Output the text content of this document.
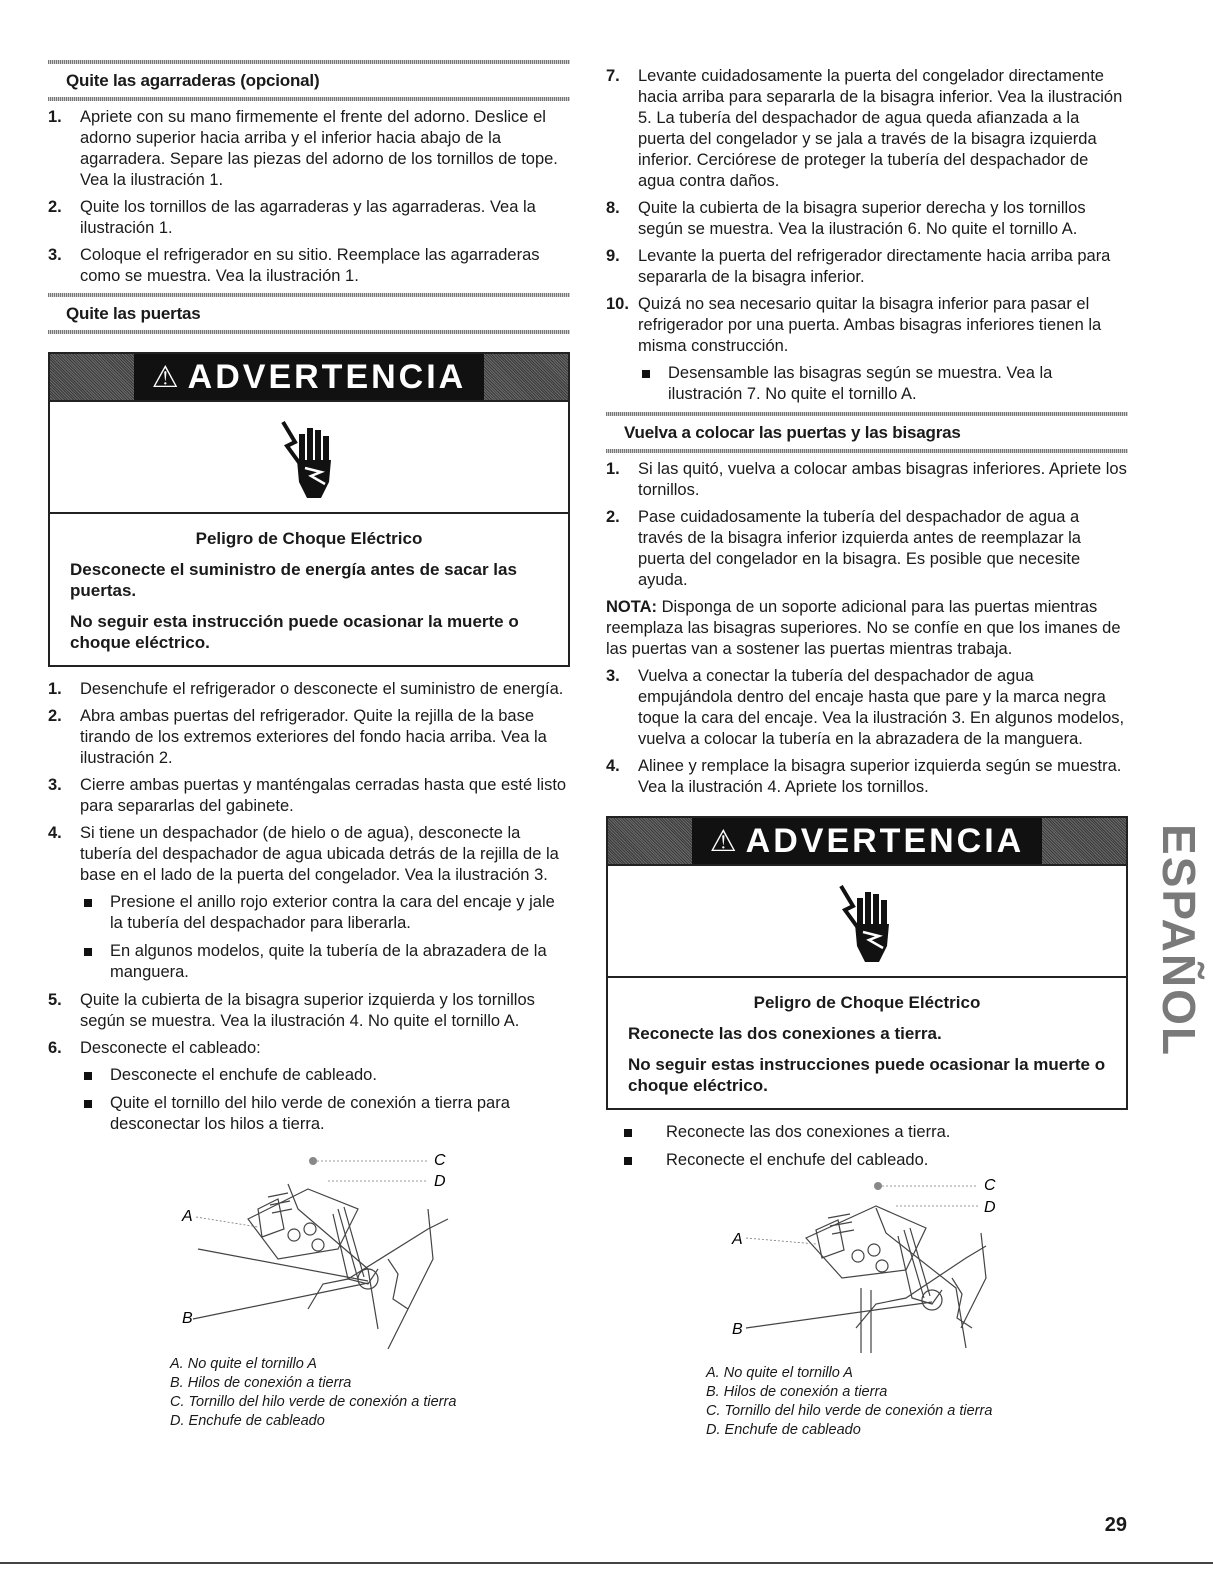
Quite las agarraderas (opcional)
1. Apriete con su mano firmemente el frente del adorno. Deslice el adorno superior hacia arriba y el inferior hacia abajo de la agarradera. Separe las piezas del adorno de los tornillos de tope. Vea la ilustración 1.
2. Quite los tornillos de las agarraderas y las agarraderas. Vea la ilustración 1.
3. Coloque el refrigerador en su sitio. Reemplace las agarraderas como se muestra. Vea la ilustración 1.
Quite las puertas
⚠ ADVERTENCIA
Peligro de Choque Eléctrico

Desconecte el suministro de energía antes de sacar las puertas.

No seguir esta instrucción puede ocasionar la muerte o choque eléctrico.

1. Desenchufe el refrigerador o desconecte el suministro de energía.
2. Abra ambas puertas del refrigerador. Quite la rejilla de la base tirando de los extremos exteriores del fondo hacia arriba. Vea la ilustración 2.
3. Cierre ambas puertas y manténgalas cerradas hasta que esté listo para separarlas del gabinete.
4. Si tiene un despachador (de hielo o de agua), desconecte la tubería del despachador de agua ubicada detrás de la rejilla de la base en el lado de la puerta del congelador. Vea la ilustración 3.
Presione el anillo rojo exterior contra la cara del encaje y jale la tubería del despachador para liberarla.
En algunos modelos, quite la tubería de la abrazadera de la manguera.
5. Quite la cubierta de la bisagra superior izquierda y los tornillos según se muestra. Vea la ilustración 4. No quite el tornillo A.
6. Desconecte el cableado:
Desconecte el enchufe de cableado.
Quite el tornillo del hilo verde de conexión a tierra para desconectar los hilos a tierra.
C
D
A
B
A. No quite el tornillo A
B. Hilos de conexión a tierra
C. Tornillo del hilo verde de conexión a tierra
D. Enchufe de cableado
7. Levante cuidadosamente la puerta del congelador directamente hacia arriba para separarla de la bisagra inferior. Vea la ilustración 5. La tubería del despachador de agua queda afianzada a la puerta del congelador y se jala a través de la bisagra izquierda inferior. Cerciórese de proteger la tubería del despachador de agua contra daños.
8. Quite la cubierta de la bisagra superior derecha y los tornillos según se muestra. Vea la ilustración 6. No quite el tornillo A.
9. Levante la puerta del refrigerador directamente hacia arriba para separarla de la bisagra inferior.
10. Quizá no sea necesario quitar la bisagra inferior para pasar el refrigerador por una puerta. Ambas bisagras inferiores tienen la misma construcción.
Desensamble las bisagras según se muestra. Vea la ilustración 7. No quite el tornillo A.
Vuelva a colocar las puertas y las bisagras
1. Si las quitó, vuelva a colocar ambas bisagras inferiores. Apriete los tornillos.
2. Pase cuidadosamente la tubería del despachador de agua a través de la bisagra inferior izquierda antes de reemplazar la puerta del congelador en la bisagra. Es posible que necesite ayuda.
NOTA: Disponga de un soporte adicional para las puertas mientras reemplaza las bisagras superiores. No se confíe en que los imanes de las puertas van a sostener las puertas mientras trabaja.
3. Vuelva a conectar la tubería del despachador de agua empujándola dentro del encaje hasta que pare y la marca negra toque la cara del encaje. Vea la ilustración 3. En algunos modelos, vuelva a colocar la tubería en la abrazadera de la manguera.
4. Alinee y remplace la bisagra superior izquierda según se muestra. Vea la ilustración 4. Apriete los tornillos.
⚠ ADVERTENCIA
Peligro de Choque Eléctrico

Reconecte las dos conexiones a tierra.

No seguir estas instrucciones puede ocasionar la muerte o choque eléctrico.

Reconecte las dos conexiones a tierra.
Reconecte el enchufe del cableado.
C
D
A
B
A. No quite el tornillo A
B. Hilos de conexión a tierra
C. Tornillo del hilo verde de conexión a tierra
D. Enchufe de cableado
ESPAÑOL
29
